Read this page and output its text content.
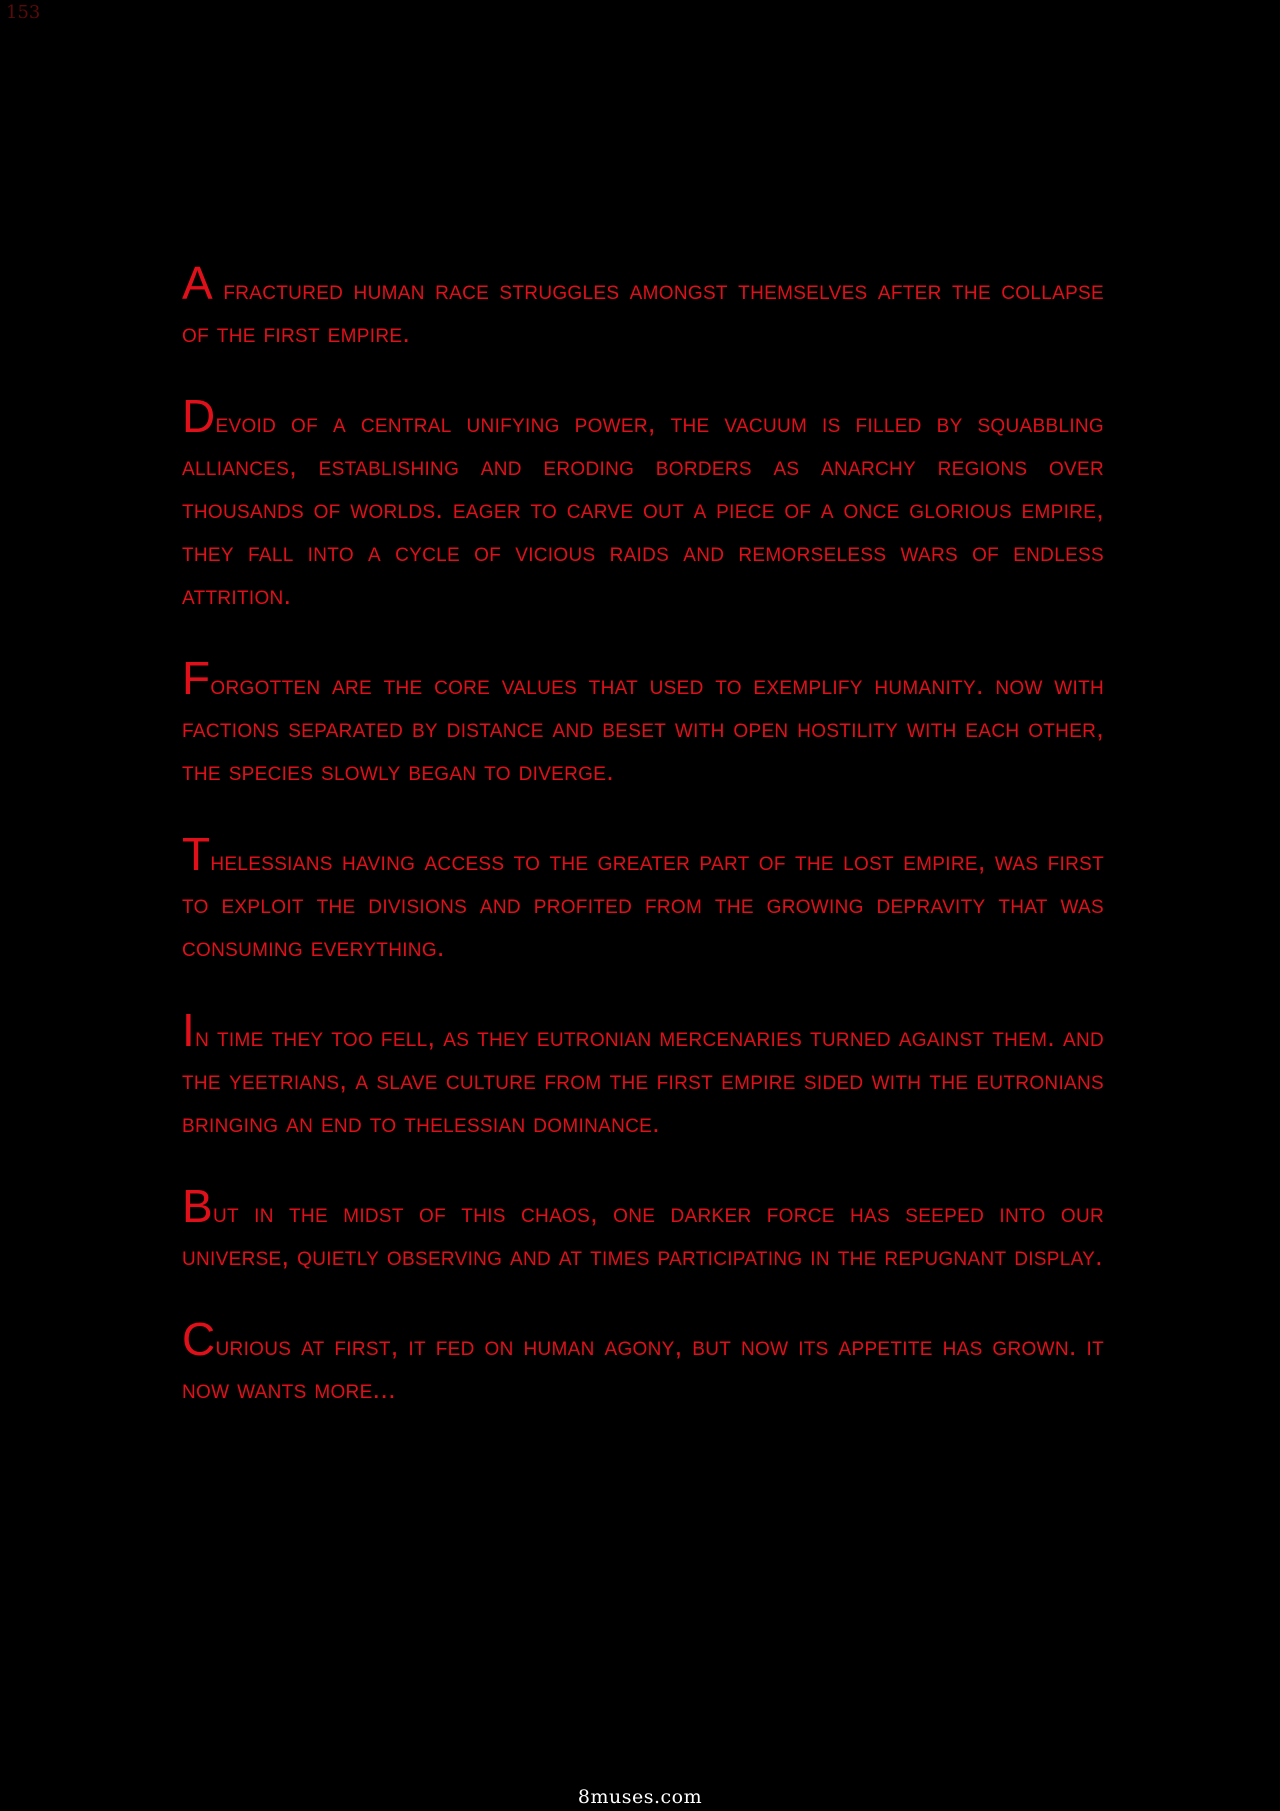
153

A fractured human race struggles amongst themselves after the collapse of the first empire.

Devoid of a central unifying power, the vacuum is filled by squabbling alliances, establishing and eroding borders as anarchy regions over thousands of worlds. eager to carve out a piece of a once glorious empire, they fall into a cycle of vicious raids and remorseless wars of endless attrition.

Forgotten are the core values that used to exemplify humanity. now with factions separated by distance and beset with open hostility with each other, the species slowly began to diverge.

Thelessians having access to the greater part of the lost empire, was first to exploit the divisions and profited from the growing depravity that was consuming everything.

In time they too fell, as they eutronian mercenaries turned against them. and the yeetrians, a slave culture from the first empire sided with the eutronians bringing an end to thelessian dominance.

But in the midst of this chaos, one darker force has seeped into our universe, quietly observing and at times participating in the repugnant display.

Curious at first, it fed on human agony, but now its appetite has grown. it now wants more...

8muses.com
